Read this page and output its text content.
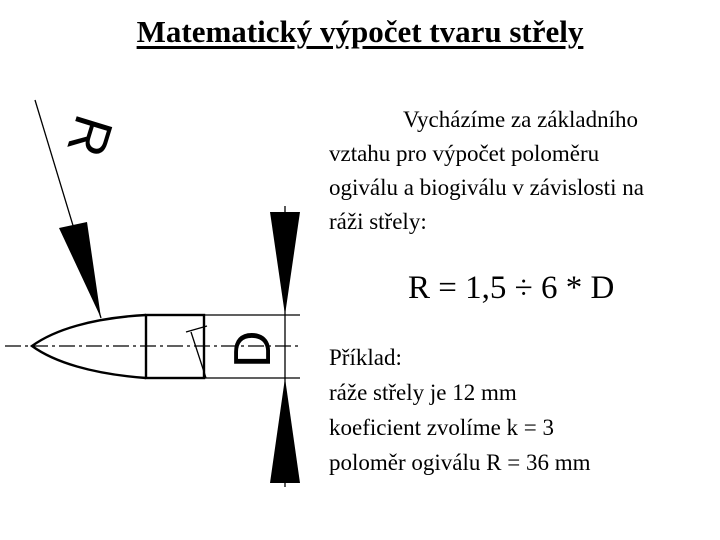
Matematický výpočet tvaru střely
R
D
Vycházíme za základního
vztahu pro výpočet poloměru
ogiválu a biogiválu v závislosti na
ráži střely:
R = 1,5 ÷ 6 * D
Příklad:
ráže střely je 12 mm
koeficient zvolíme k = 3
poloměr ogiválu R = 36 mm
